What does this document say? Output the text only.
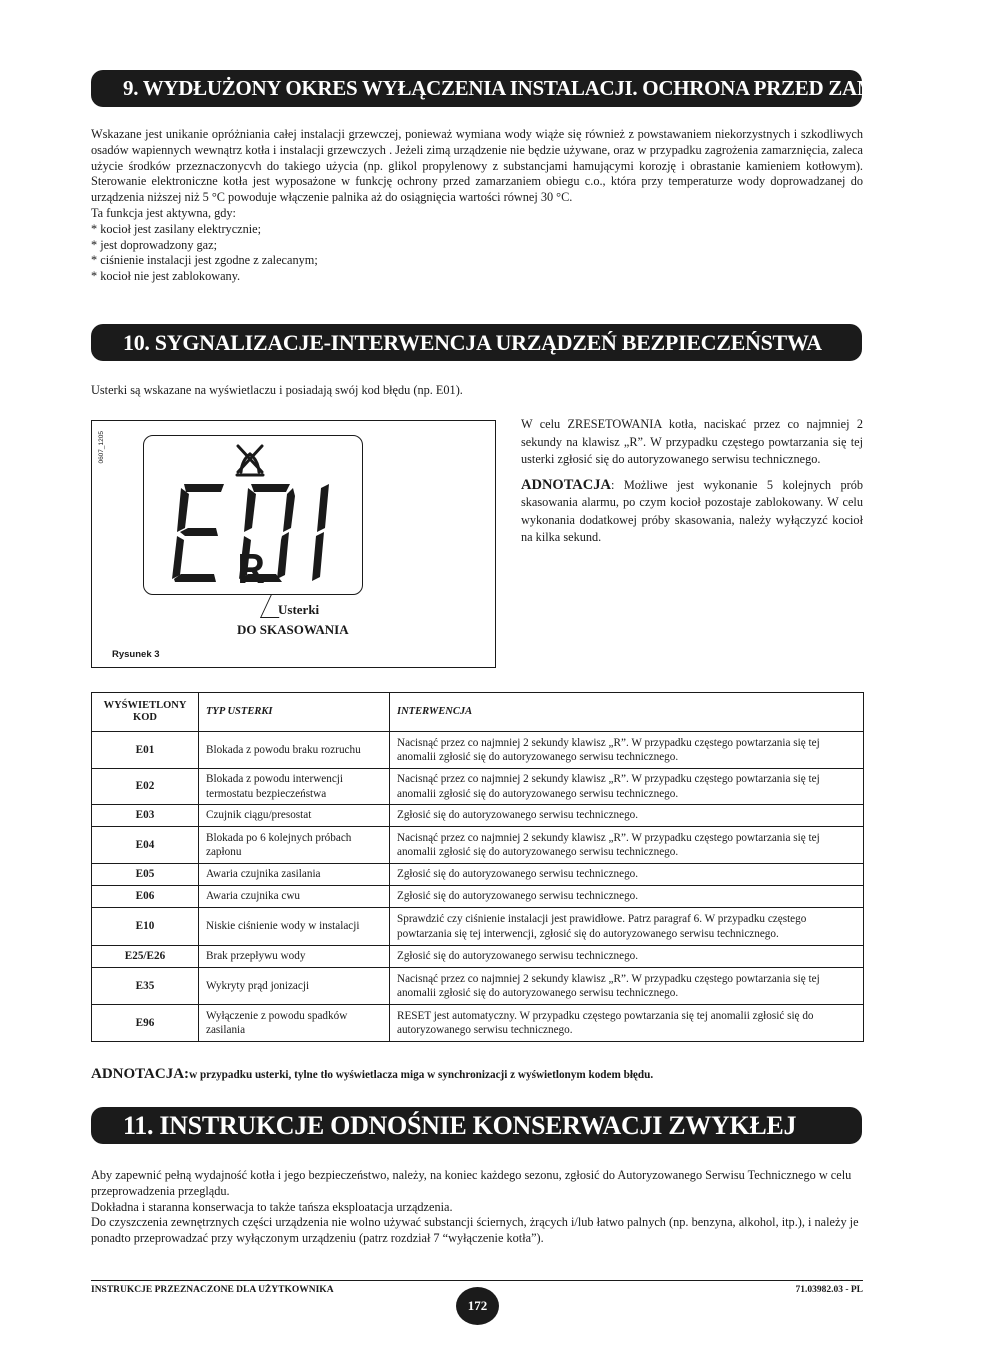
9. WYDŁUŻONY OKRES WYŁĄCZENIA INSTALACJI. OCHRONA PRZED ZAMARZANIEM

Wskazane jest unikanie opróżniania całej instalacji grzewczej, ponieważ wymiana wody wiąże się również z powstawaniem niekorzystnych i szkodliwych osadów wapiennych wewnątrz kotła i instalacji grzewczych . Jeżeli zimą urządzenie nie będzie używane, oraz w przypadku zagrożenia zamarznięcia, zaleca użycie środków przeznaczonycvh do takiego użycia (np. glikol propylenowy z substancjami hamującymi korozję i obrastanie kamieniem kotłowym). Sterowanie elektroniczne kotła jest wyposażone w funkcję ochrony przed zamarzaniem obiegu c.o., która przy temperaturze wody doprowadzanej do urządzenia niższej niż 5 °C powoduje włączenie palnika aż do osiągnięcia wartości równej 30 °C.

Ta funkcja jest aktywna, gdy:

* kocioł jest zasilany elektrycznie;
* jest doprowadzony gaz;
* ciśnienie instalacji jest zgodne z zalecanym;
* kocioł nie jest zablokowany.
10. SYGNALIZACJE-INTERWENCJA URZĄDZEŃ BEZPIECZEŃSTWA
Usterki są wskazane na wyświetlaczu i posiadają swój kod błędu (np. E01).
0607_1205
R
Usterki
DO SKASOWANIA
Rysunek 3

W celu ZRESETOWANIA kotła, naciskać przez co najmniej 2 sekundy na klawisz „R”. W przypadku częstego powtarzania się tej usterki zgłosić się do autoryzowanego serwisu technicznego.

ADNOTACJA: Możliwe jest wykonanie 5 kolejnych prób skasowania alarmu, po czym kocioł pozostaje zablokowany. W celu wykonania dodatkowej próby skasowania, należy wyłączyzć kocioł na kilka sekund.

WYŚWIETLONY KOD	TYP USTERKI	INTERWENCJA
E01	Blokada z powodu braku rozruchu	Nacisnąć przez co najmniej 2 sekundy klawisz „R”. W przypadku częstego powtarzania się tej anomalii zgłosić się do autoryzowanego serwisu technicznego.
E02	Blokada z powodu interwencji termostatu bezpieczeństwa	Nacisnąć przez co najmniej 2 sekundy klawisz „R”. W przypadku częstego powtarzania się tej anomalii zgłosić się do autoryzowanego serwisu technicznego.
E03	Czujnik ciągu/presostat	Zgłosić się do autoryzowanego serwisu technicznego.
E04	Blokada po 6 kolejnych próbach zapłonu	Nacisnąć przez co najmniej 2 sekundy klawisz „R”. W przypadku częstego powtarzania się tej anomalii zgłosić się do autoryzowanego serwisu technicznego.
E05	Awaria czujnika zasilania	Zgłosić się do autoryzowanego serwisu technicznego.
E06	Awaria czujnika cwu	Zgłosić się do autoryzowanego serwisu technicznego.
E10	Niskie ciśnienie wody w instalacji	Sprawdzić czy ciśnienie instalacji jest prawidłowe. Patrz paragraf 6. W przypadku częstego powtarzania się tej interwencji, zgłosić się do autoryzowanego serwisu technicznego.
E25/E26	Brak przepływu wody	Zgłosić się do autoryzowanego serwisu technicznego.
E35	Wykryty prąd jonizacji	Nacisnąć przez co najmniej 2 sekundy klawisz „R”. W przypadku częstego powtarzania się tej anomalii zgłosić się do autoryzowanego serwisu technicznego.
E96	Wyłączenie z powodu spadków zasilania	RESET jest automatyczny. W przypadku częstego powtarzania się tej anomalii zgłosić się do autoryzowanego serwisu technicznego.
ADNOTACJA:w przypadku usterki, tylne tło wyświetlacza miga w synchronizacji z wyświetlonym kodem błędu.
11. INSTRUKCJE ODNOŚNIE KONSERWACJI ZWYKŁEJ

Aby zapewnić pełną wydajność kotła i jego bezpieczeństwo, należy, na koniec każdego sezonu, zgłosić do Autoryzowanego Serwisu Technicznego w celu przeprowadzenia przeglądu.

Dokładna i staranna konserwacja to także tańsza eksploatacja urządzenia.

Do czyszczenia zewnętrznych części urządzenia nie wolno używać substancji ściernych, żrących i/lub łatwo palnych (np. benzyna, alkohol, itp.), i należy je ponadto przeprowadzać przy wyłączonym urządzeniu (patrz rozdział 7 “wyłączenie kotła”).

INSTRUKCJE PRZEZNACZONE DLA UŻYTKOWNIKA
172
71.03982.03 - PL
